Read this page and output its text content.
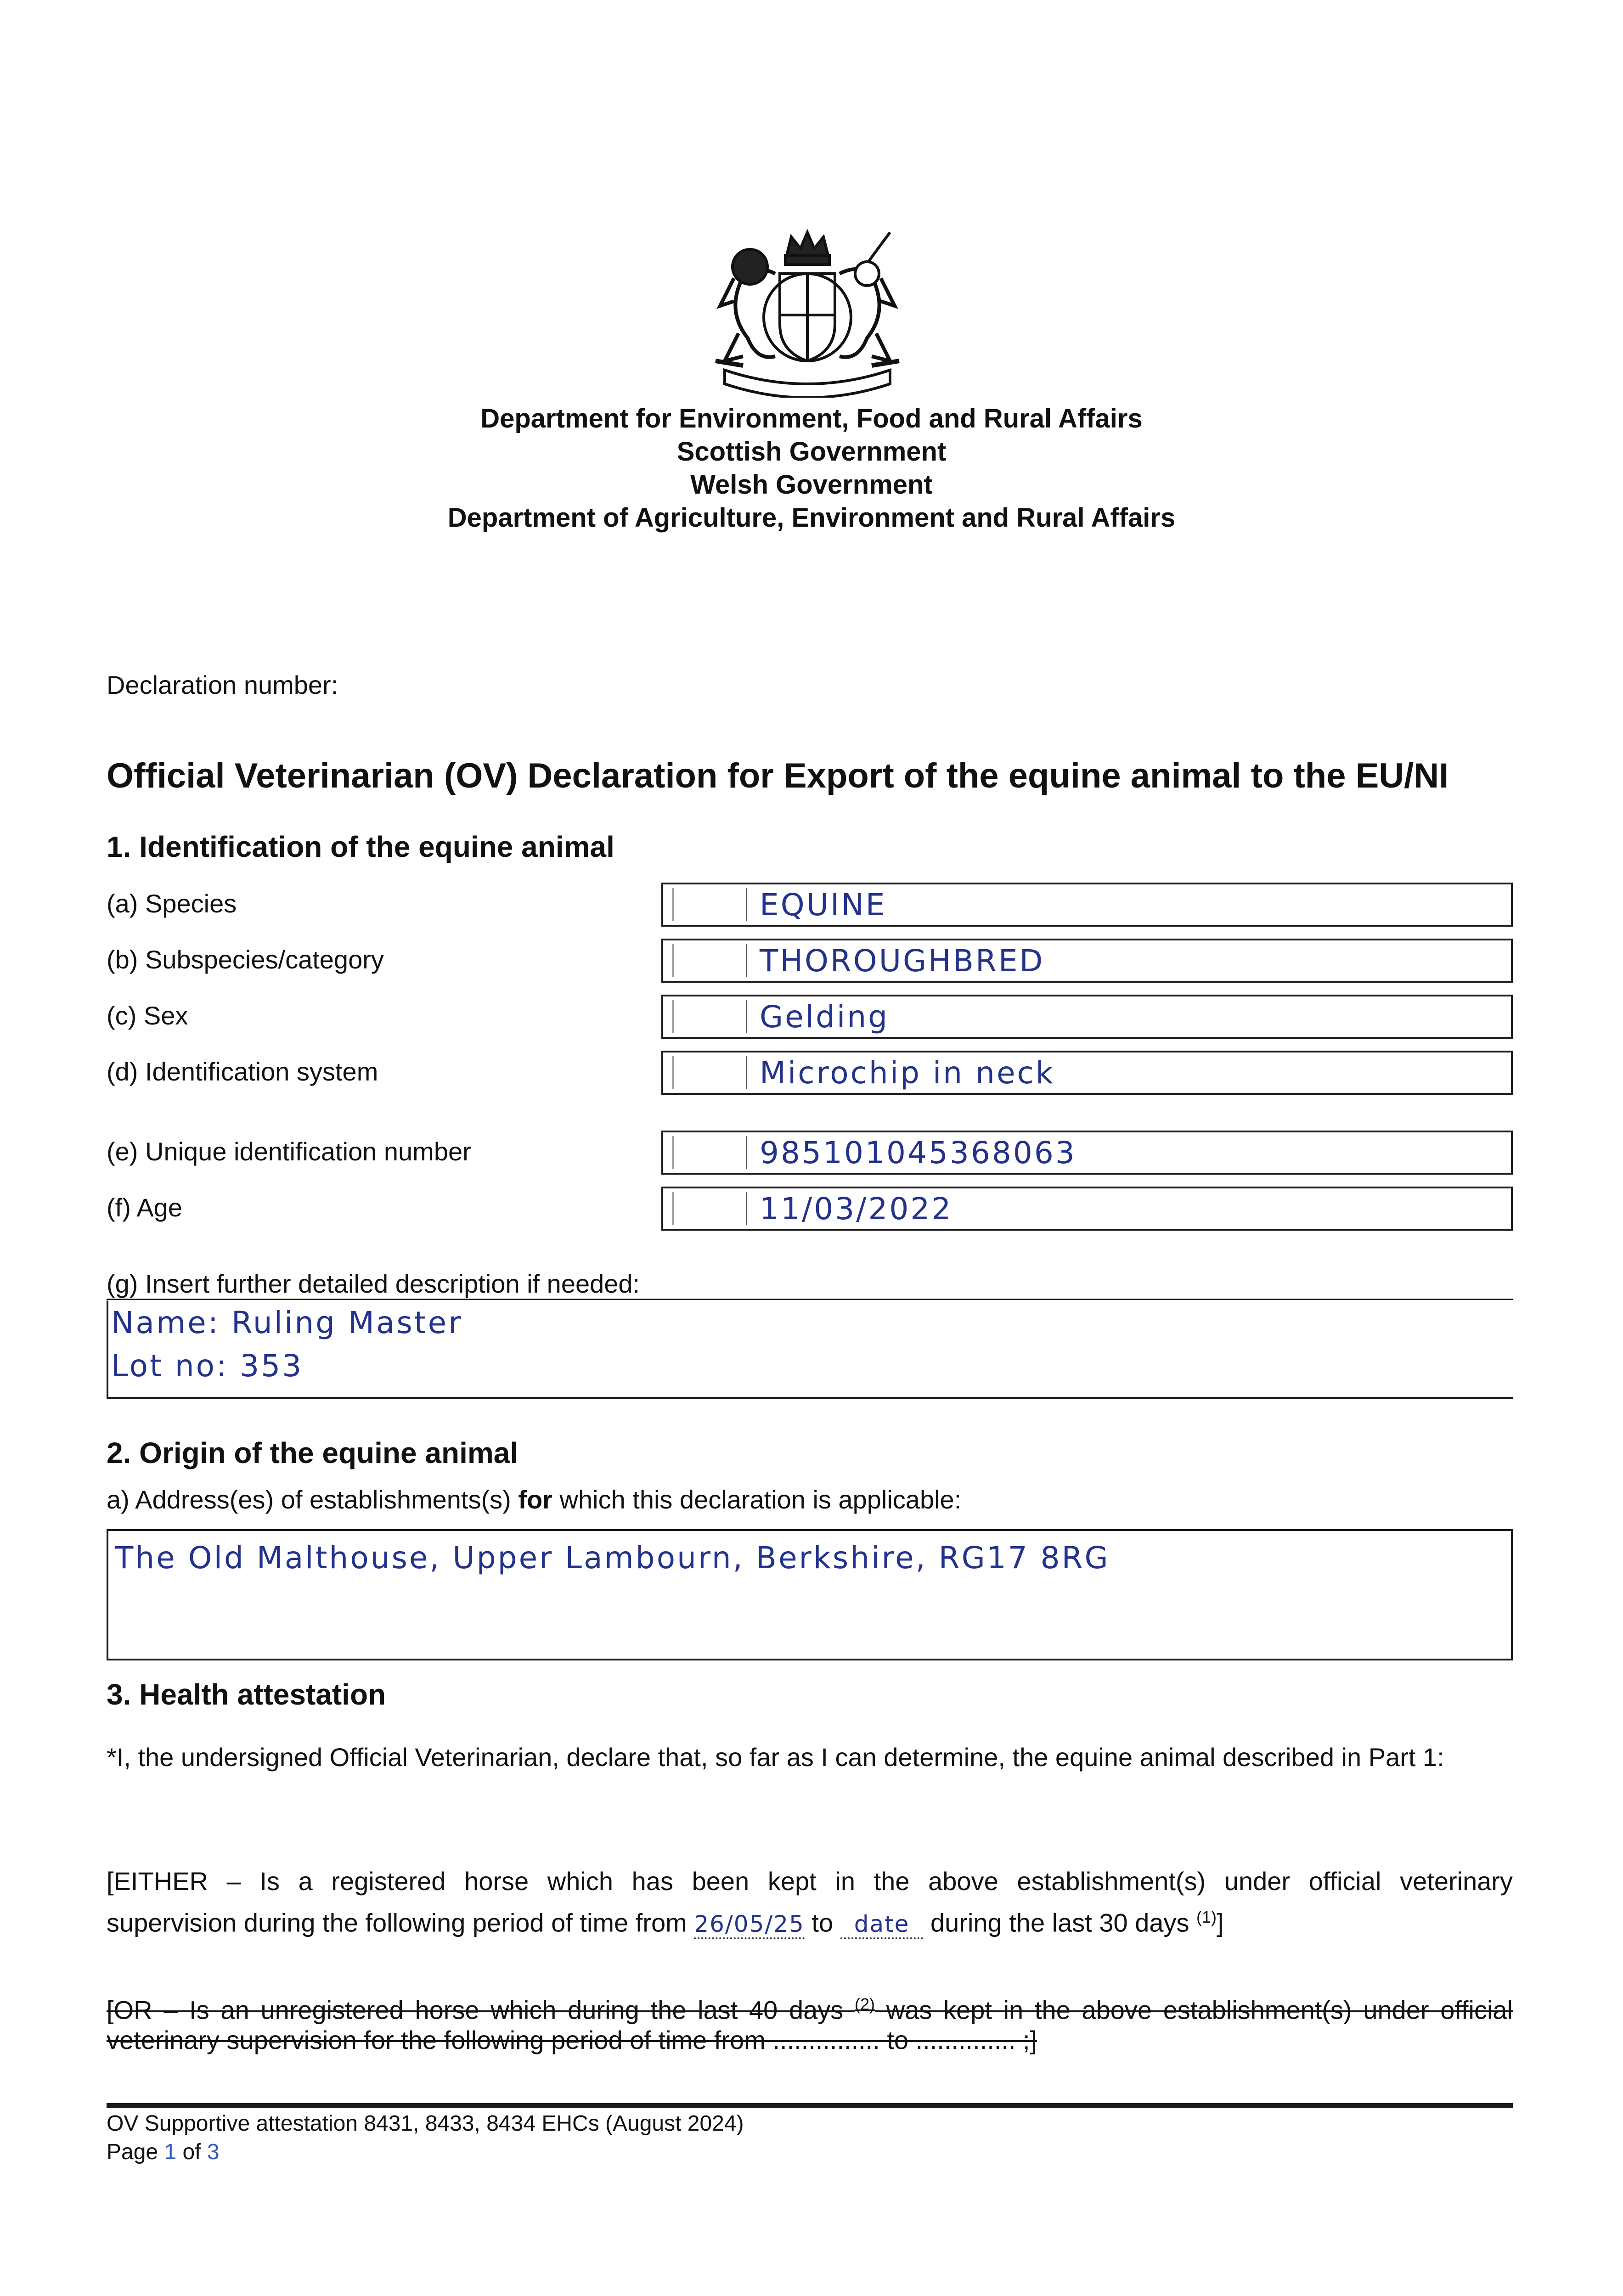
Department for Environment, Food and Rural Affairs
Scottish Government
Welsh Government
Department of Agriculture, Environment and Rural Affairs
Declaration number:
Official Veterinarian (OV) Declaration for Export of the equine animal to the EU/NI
1. Identification of the equine animal
(a) Species	EQUINE
(b) Subspecies/category	THOROUGHBRED
(c) Sex	Gelding
(d) Identification system	Microchip in neck
(e) Unique identification number	985101045368063
(f) Age	11/03/2022
(g) Insert further detailed description if needed:
Name: Ruling Master
Lot no: 353
2. Origin of the equine animal
a) Address(es) of establishments(s) for which this declaration is applicable:
The Old Malthouse, Upper Lambourn, Berkshire, RG17 8RG
3. Health attestation
*I, the undersigned Official Veterinarian, declare that, so far as I can determine, the equine animal described in Part 1:
[EITHER – Is a registered horse which has been kept in the above establishment(s) under official veterinary
supervision during the following period of time from 26/05/25 to date during the last 30 days $^{(1)}$]
[OR – Is an unregistered horse which during the last 40 days $^{(2)}$ was kept in the above establishment(s) under official
veterinary supervision for the following period of time from ............... to .............. ;]
OV Supportive attestation 8431, 8433, 8434 EHCs (August 2024)
Page 1 of 3
